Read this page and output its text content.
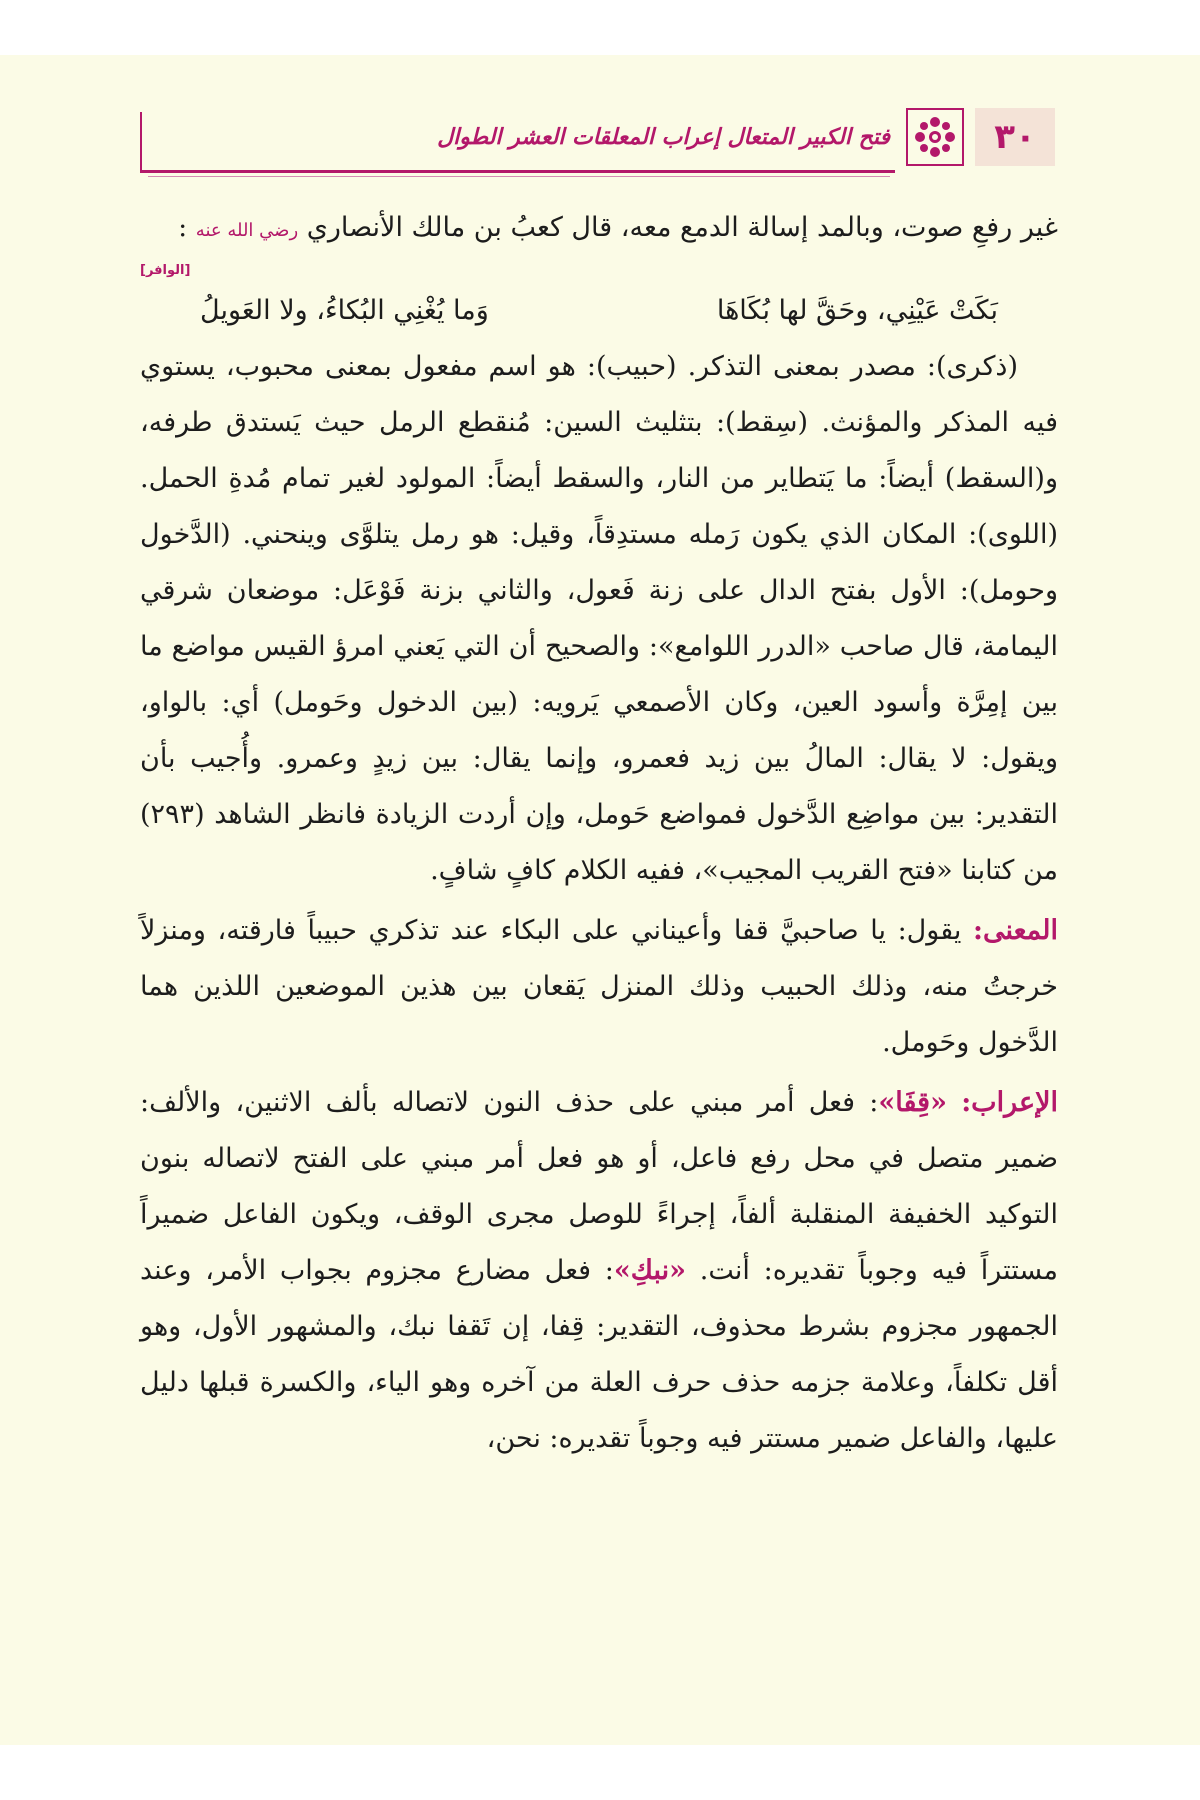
٣٠
فتح الكبير المتعال إعراب المعلقات العشر الطوال

غير رفعِ صوت، وبالمد إسالة الدمع معه، قال كعبُ بن مالك الأنصاري رضي الله عنه :

[الوافر]

بَكَتْ عَيْنِي، وحَقَّ لها بُكَاهَا
وَما يُغْنِي البُكاءُ، ولا العَويلُ

(ذكرى): مصدر بمعنى التذكر. (حبيب): هو اسم مفعول بمعنى محبوب، يستوي فيه المذكر والمؤنث. (سِقط): بتثليث السين: مُنقطع الرمل حيث يَستدق طرفه، و(السقط) أيضاً: ما يَتطاير من النار، والسقط أيضاً: المولود لغير تمام مُدةِ الحمل. (اللوى): المكان الذي يكون رَمله مستدِقاً، وقيل: هو رمل يتلوَّى وينحني. (الدَّخول وحومل): الأول بفتح الدال على زنة فَعول، والثاني بزنة فَوْعَل: موضعان شرقي اليمامة، قال صاحب «الدرر اللوامع»: والصحيح أن التي يَعني امرؤ القيس مواضع ما بين إمِرَّة وأسود العين، وكان الأصمعي يَرويه: (بين الدخول وحَومل) أي: بالواو، ويقول: لا يقال: المالُ بين زيد فعمرو، وإنما يقال: بين زيدٍ وعمرو. وأُجيب بأن التقدير: بين مواضِع الدَّخول فمواضع حَومل، وإن أردت الزيادة فانظر الشاهد (٢٩٣) من كتابنا «فتح القريب المجيب»، ففيه الكلام كافٍ شافٍ.

المعنى: يقول: يا صاحبيَّ قفا وأعيناني على البكاء عند تذكري حبيباً فارقته، ومنزلاً خرجتُ منه، وذلك الحبيب وذلك المنزل يَقعان بين هذين الموضعين اللذين هما الدَّخول وحَومل.

الإعراب: «قِفَا»: فعل أمر مبني على حذف النون لاتصاله بألف الاثنين، والألف: ضمير متصل في محل رفع فاعل، أو هو فعل أمر مبني على الفتح لاتصاله بنون التوكيد الخفيفة المنقلبة ألفاً، إجراءً للوصل مجرى الوقف، ويكون الفاعل ضميراً مستتراً فيه وجوباً تقديره: أنت. «نبكِ»: فعل مضارع مجزوم بجواب الأمر، وعند الجمهور مجزوم بشرط محذوف، التقدير: قِفا، إن تَقفا نبك، والمشهور الأول، وهو أقل تكلفاً، وعلامة جزمه حذف حرف العلة من آخره وهو الياء، والكسرة قبلها دليل عليها، والفاعل ضمير مستتر فيه وجوباً تقديره: نحن،
